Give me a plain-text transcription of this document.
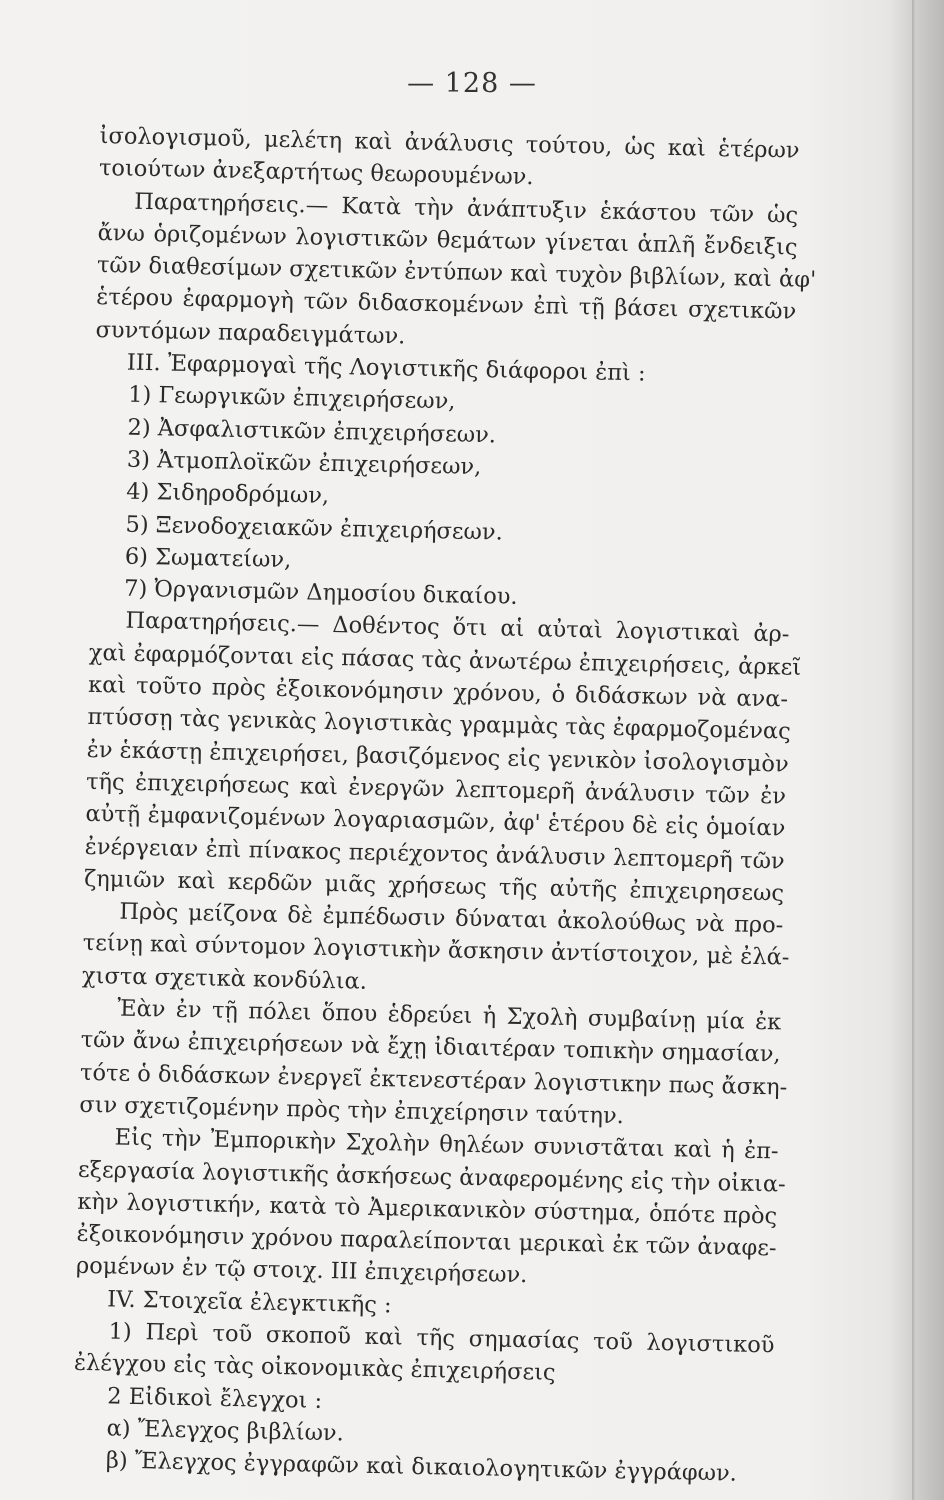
— 128 —
ἰσολογισμοῦ, μελέτη καὶ ἀνάλυσις τούτου, ὡς καὶ ἑτέρων
τοιούτων ἀνεξαρτήτως θεωρουμένων.
Παρατηρήσεις.— Κατὰ τὴν ἀνάπτυξιν ἑκάστου τῶν ὡς
ἄνω ὁριζομένων λογιστικῶν θεμάτων γίνεται ἁπλῆ ἔνδειξις
τῶν διαθεσίμων σχετικῶν ἐντύπων καὶ τυχὸν βιβλίων, καὶ ἀφ'
ἑτέρου ἐφαρμογὴ τῶν διδασκομένων ἐπὶ τῇ βάσει σχετικῶν
συντόμων παραδειγμάτων.
ΙΙΙ. Ἐφαρμογαὶ τῆς Λογιστικῆς διάφοροι ἐπὶ :
1) Γεωργικῶν ἐπιχειρήσεων,
2) Ἀσφαλιστικῶν ἐπιχειρήσεων.
3) Ἀτμοπλοϊκῶν ἐπιχειρήσεων,
4) Σιδηροδρόμων,
5) Ξενοδοχειακῶν ἐπιχειρήσεων.
6) Σωματείων,
7) Ὀργανισμῶν Δημοσίου δικαίου.
Παρατηρήσεις.— Δοθέντος ὅτι αἱ αὐταὶ λογιστικαὶ ἀρ-
χαὶ ἐφαρμόζονται εἰς πάσας τὰς ἀνωτέρω ἐπιχειρήσεις, ἀρκεῖ
καὶ τοῦτο πρὸς ἐξοικονόμησιν χρόνου, ὁ διδάσκων νὰ ανα-
πτύσσῃ τὰς γενικὰς λογιστικὰς γραμμὰς τὰς ἐφαρμοζομένας
ἐν ἑκάστῃ ἐπιχειρήσει, βασιζόμενος εἰς γενικὸν ἰσολογισμὸν
τῆς ἐπιχειρήσεως καὶ ἐνεργῶν λεπτομερῆ ἀνάλυσιν τῶν ἐν
αὐτῇ ἐμφανιζομένων λογαριασμῶν, ἀφ' ἑτέρου δὲ εἰς ὁμοίαν
ἐνέργειαν ἐπὶ πίνακος περιέχοντος ἀνάλυσιν λεπτομερῆ τῶν
ζημιῶν καὶ κερδῶν μιᾶς χρήσεως τῆς αὐτῆς ἐπιχειρησεως
Πρὸς μείζονα δὲ ἐμπέδωσιν δύναται ἀκολούθως νὰ προ-
τείνῃ καὶ σύντομον λογιστικὴν ἄσκησιν ἀντίστοιχον, μὲ ἐλά-
χιστα σχετικὰ κονδύλια.
Ἐὰν ἐν τῇ πόλει ὅπου ἑδρεύει ἡ Σχολὴ συμβαίνῃ μία ἐκ
τῶν ἄνω ἐπιχειρήσεων νὰ ἔχῃ ἰδιαιτέραν τοπικὴν σημασίαν,
τότε ὁ διδάσκων ἐνεργεῖ ἐκτενεστέραν λογιστικην πως ἄσκη-
σιν σχετιζομένην πρὸς τὴν ἐπιχείρησιν ταύτην.
Εἰς τὴν Ἐμπορικὴν Σχολὴν θηλέων συνιστᾶται καὶ ἡ ἐπ-
εξεργασία λογιστικῆς ἀσκήσεως ἀναφερομένης εἰς τὴν οἰκια-
κὴν λογιστικήν, κατὰ τὸ Ἀμερικανικὸν σύστημα, ὁπότε πρὸς
ἐξοικονόμησιν χρόνου παραλείπονται μερικαὶ ἐκ τῶν ἀναφε-
ρομένων ἐν τῷ στοιχ. ΙΙΙ ἐπιχειρήσεων.
ΙV. Στοιχεῖα ἐλεγκτικῆς :
1) Περὶ τοῦ σκοποῦ καὶ τῆς σημασίας τοῦ λογιστικοῦ
ἐλέγχου εἰς τὰς οἰκονομικὰς ἐπιχειρήσεις
2 Εἰδικοὶ ἔλεγχοι :
α) Ἔλεγχος βιβλίων.
β) Ἔλεγχος ἐγγραφῶν καὶ δικαιολογητικῶν ἐγγράφων.
